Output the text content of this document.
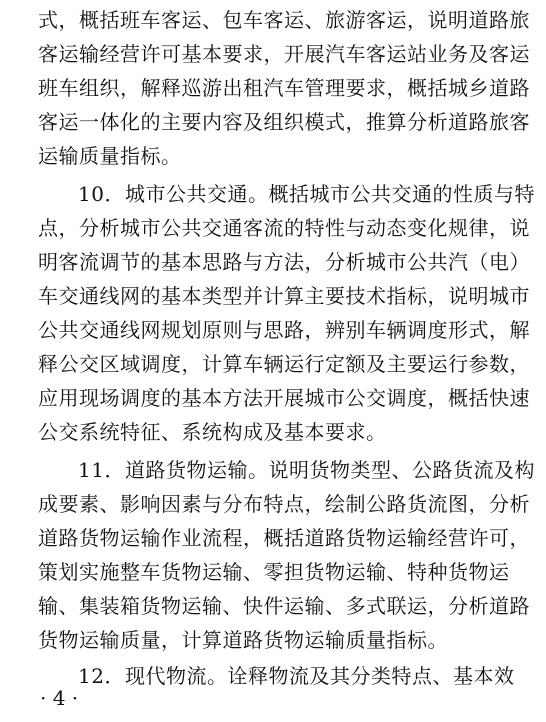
式，概括班车客运、包车客运、旅游客运，说明道路旅
客运输经营许可基本要求，开展汽车客运站业务及客运
班车组织，解释巡游出租汽车管理要求，概括城乡道路
客运一体化的主要内容及组织模式，推算分析道路旅客
运输质量指标。
10．城市公共交通。概括城市公共交通的性质与特
点，分析城市公共交通客流的特性与动态变化规律，说
明客流调节的基本思路与方法，分析城市公共汽（电）
车交通线网的基本类型并计算主要技术指标，说明城市
公共交通线网规划原则与思路，辨别车辆调度形式，解
释公交区域调度，计算车辆运行定额及主要运行参数，
应用现场调度的基本方法开展城市公交调度，概括快速
公交系统特征、系统构成及基本要求。
11．道路货物运输。说明货物类型、公路货流及构
成要素、影响因素与分布特点，绘制公路货流图，分析
道路货物运输作业流程，概括道路货物运输经营许可，
策划实施整车货物运输、零担货物运输、特种货物运
输、集装箱货物运输、快件运输、多式联运，分析道路
货物运输质量，计算道路货物运输质量指标。
12．现代物流。诠释物流及其分类特点、基本效
· 4 ·
